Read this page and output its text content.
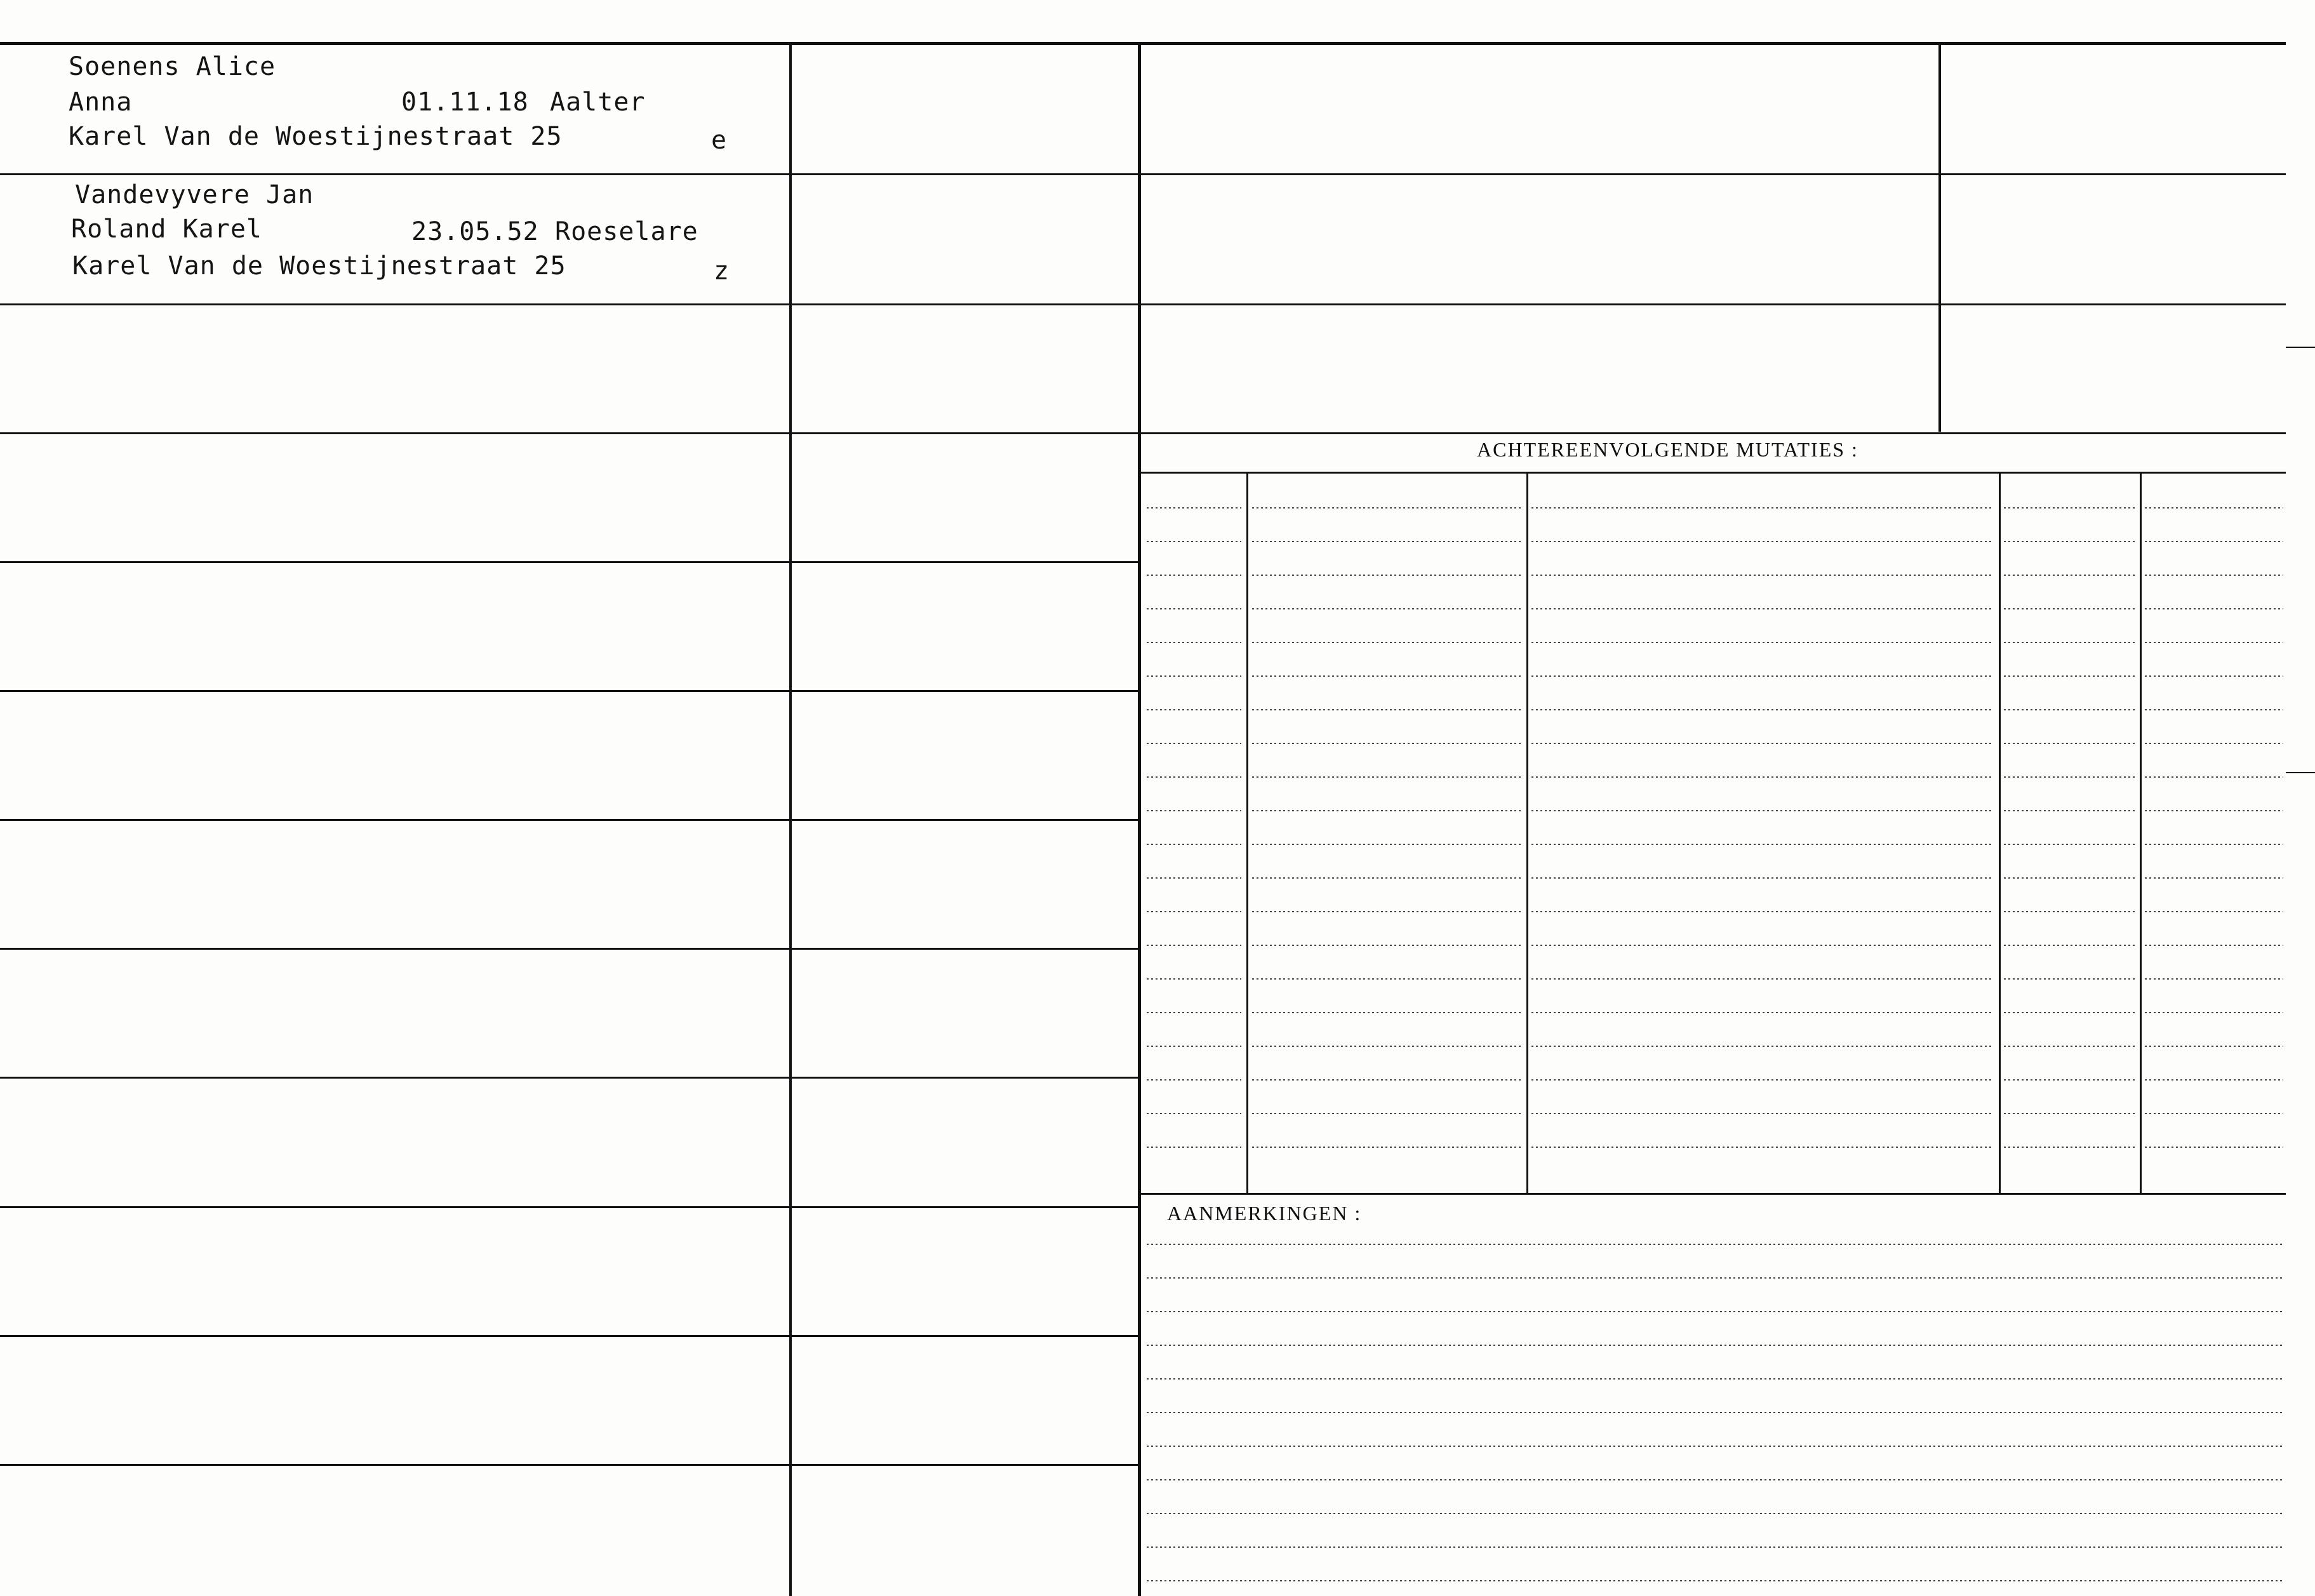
ACHTEREENVOLGENDE MUTATIES :
AANMERKINGEN :
Soenens Alice
Anna	01.11.18 Aalter
Karel Van de Woestijnestraat 25	e
Vandevyvere Jan
Roland Karel	23.05.52 Roeselare
Karel Van de Woestijnestraat 25	z
